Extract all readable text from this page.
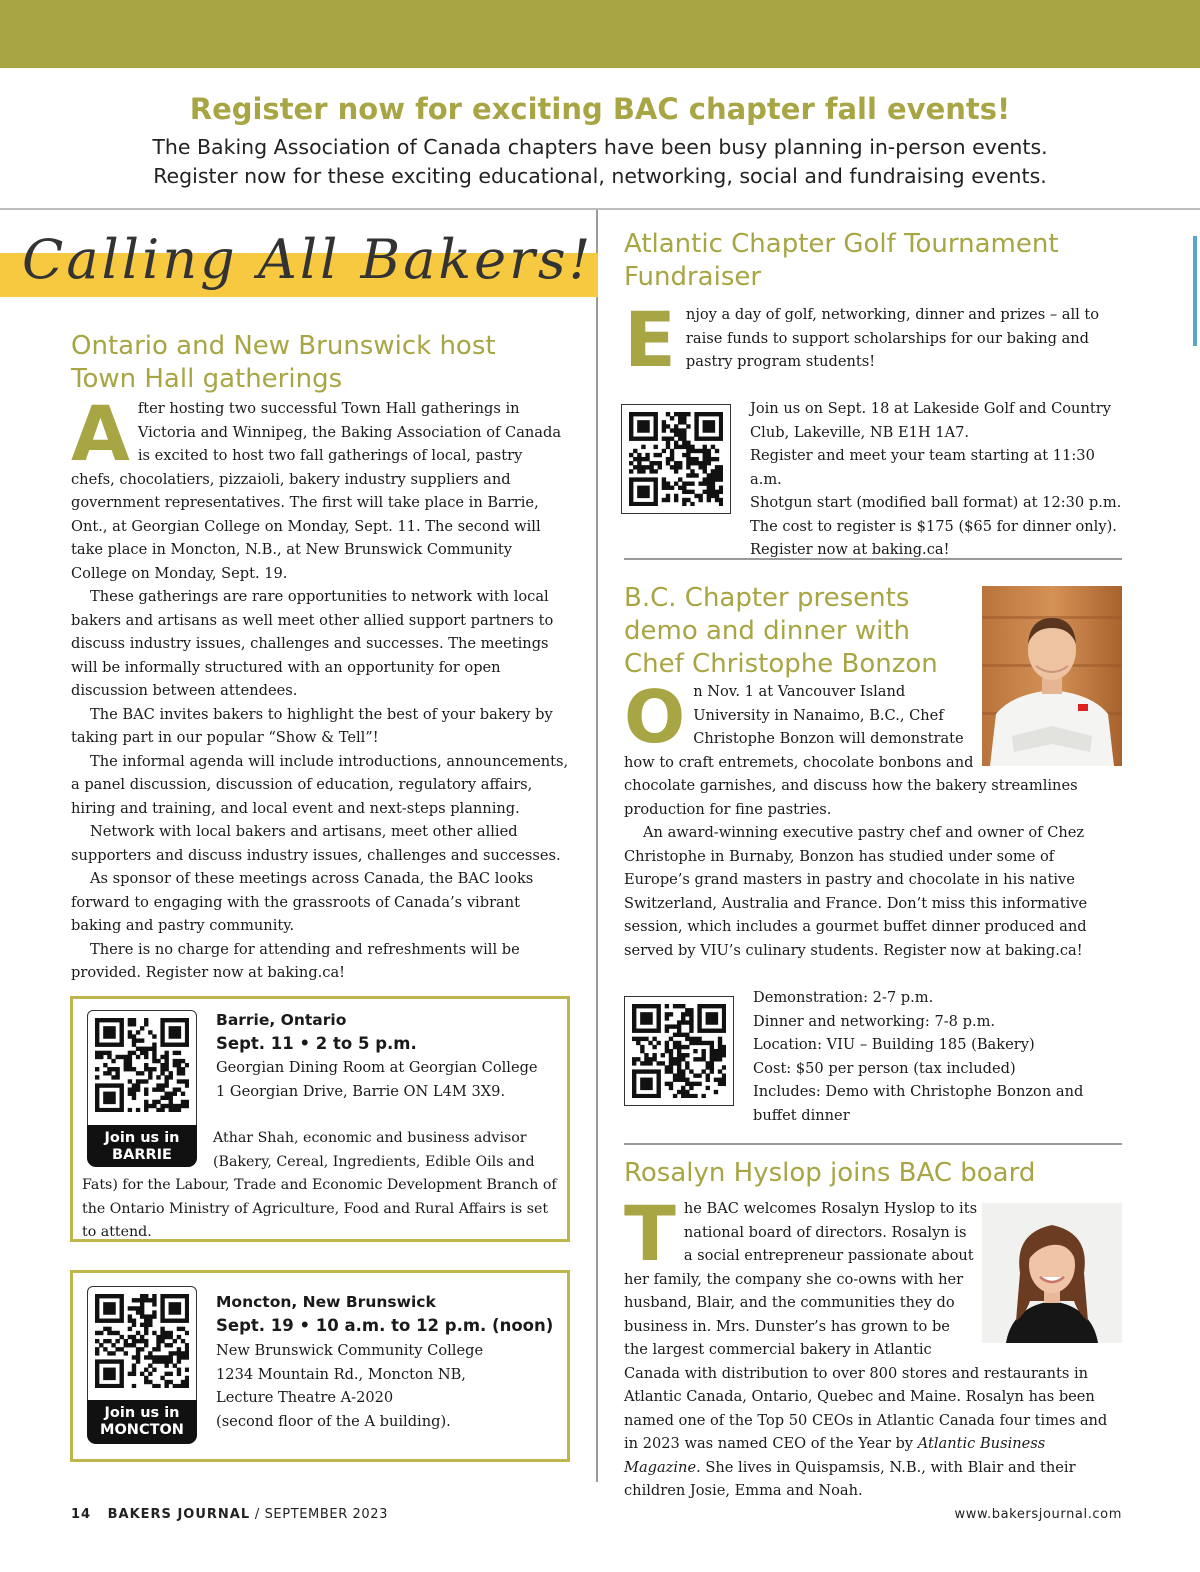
Register now for exciting BAC chapter fall events!
The Baking Association of Canada chapters have been busy planning in-person events.
Register now for these exciting educational, networking, social and fundraising events.
Calling All Bakers!
Ontario and New Brunswick host Town Hall gatherings

After hosting two successful Town Hall gatherings in Victoria and Winnipeg, the Baking Association of Canada is excited to host two fall gatherings of local, pastry chefs, chocolatiers, pizzaioli, bakery industry suppliers and government representatives. The first will take place in Barrie, Ont., at Georgian College on Monday, Sept. 11. The second will take place in Moncton, N.B., at New Brunswick Community College on Monday, Sept. 19.

These gatherings are rare opportunities to network with local bakers and artisans as well meet other allied support partners to discuss industry issues, challenges and successes. The meetings will be informally structured with an opportunity for open discussion between attendees.

The BAC invites bakers to highlight the best of your bakery by taking part in our popular “Show & Tell”!

The informal agenda will include introductions, announcements, a panel discussion, discussion of education, regulatory affairs, hiring and training, and local event and next-steps planning.

Network with local bakers and artisans, meet other allied supporters and discuss industry issues, challenges and successes.

As sponsor of these meetings across Canada, the BAC looks forward to engaging with the grassroots of Canada’s vibrant baking and pastry community.

There is no charge for attending and refreshments will be provided. Register now at baking.ca!

Join us in
BARRIE
Barrie, Ontario
Sept. 11 • 2 to 5 p.m.
Georgian Dining Room at Georgian College
1 Georgian Drive, Barrie ON L4M 3X9.
Athar Shah, economic and business advisor (Bakery, Cereal, Ingredients, Edible Oils and Fats) for the Labour, Trade and Economic Development Branch of the Ontario Ministry of Agriculture, Food and Rural Affairs is set to attend.
Join us in
MONCTON
Moncton, New Brunswick
Sept. 19 • 10 a.m. to 12 p.m. (noon)
New Brunswick Community College
1234 Mountain Rd., Moncton NB,
Lecture Theatre A-2020
(second floor of the A building).
Atlantic Chapter Golf Tournament Fundraiser

Enjoy a day of golf, networking, dinner and prizes – all to raise funds to support scholarships for our baking and pastry program students!

Join us on Sept. 18 at Lakeside Golf and Country
Club, Lakeville, NB E1H 1A7.
Register and meet your team starting at 11:30 a.m.
Shotgun start (modified ball format) at 12:30 p.m.
The cost to register is $175 ($65 for dinner only).
Register now at baking.ca!
B.C. Chapter presents
demo and dinner with
Chef Christophe Bonzon

On Nov. 1 at Vancouver Island University in Nanaimo, B.C., Chef Christophe Bonzon will demonstrate how to craft entremets, chocolate bonbons and chocolate garnishes, and discuss how the bakery streamlines production for fine pastries.

An award-winning executive pastry chef and owner of Chez Christophe in Burnaby, Bonzon has studied under some of Europe’s grand masters in pastry and chocolate in his native Switzerland, Australia and France. Don’t miss this informative session, which includes a gourmet buffet dinner produced and served by VIU’s culinary students. Register now at baking.ca!

Demonstration: 2-7 p.m.
Dinner and networking: 7-8 p.m.
Location: VIU – Building 185 (Bakery)
Cost: $50 per person (tax included)
Includes: Demo with Christophe Bonzon and
buffet dinner
Rosalyn Hyslop joins BAC board

The BAC welcomes Rosalyn Hyslop to its national board of directors. Rosalyn is a social entrepreneur passionate about her family, the company she co-owns with her husband, Blair, and the communities they do business in. Mrs. Dunster’s has grown to be the largest commercial bakery in Atlantic Canada with distribution to over 800 stores and restaurants in Atlantic Canada, Ontario, Quebec and Maine. Rosalyn has been named one of the Top 50 CEOs in Atlantic Canada four times and in 2023 was named CEO of the Year by Atlantic Business Magazine. She lives in Quispamsis, N.B., with Blair and their children Josie, Emma and Noah.

14 BAKERS JOURNAL / SEPTEMBER 2023	www.bakersjournal.com
